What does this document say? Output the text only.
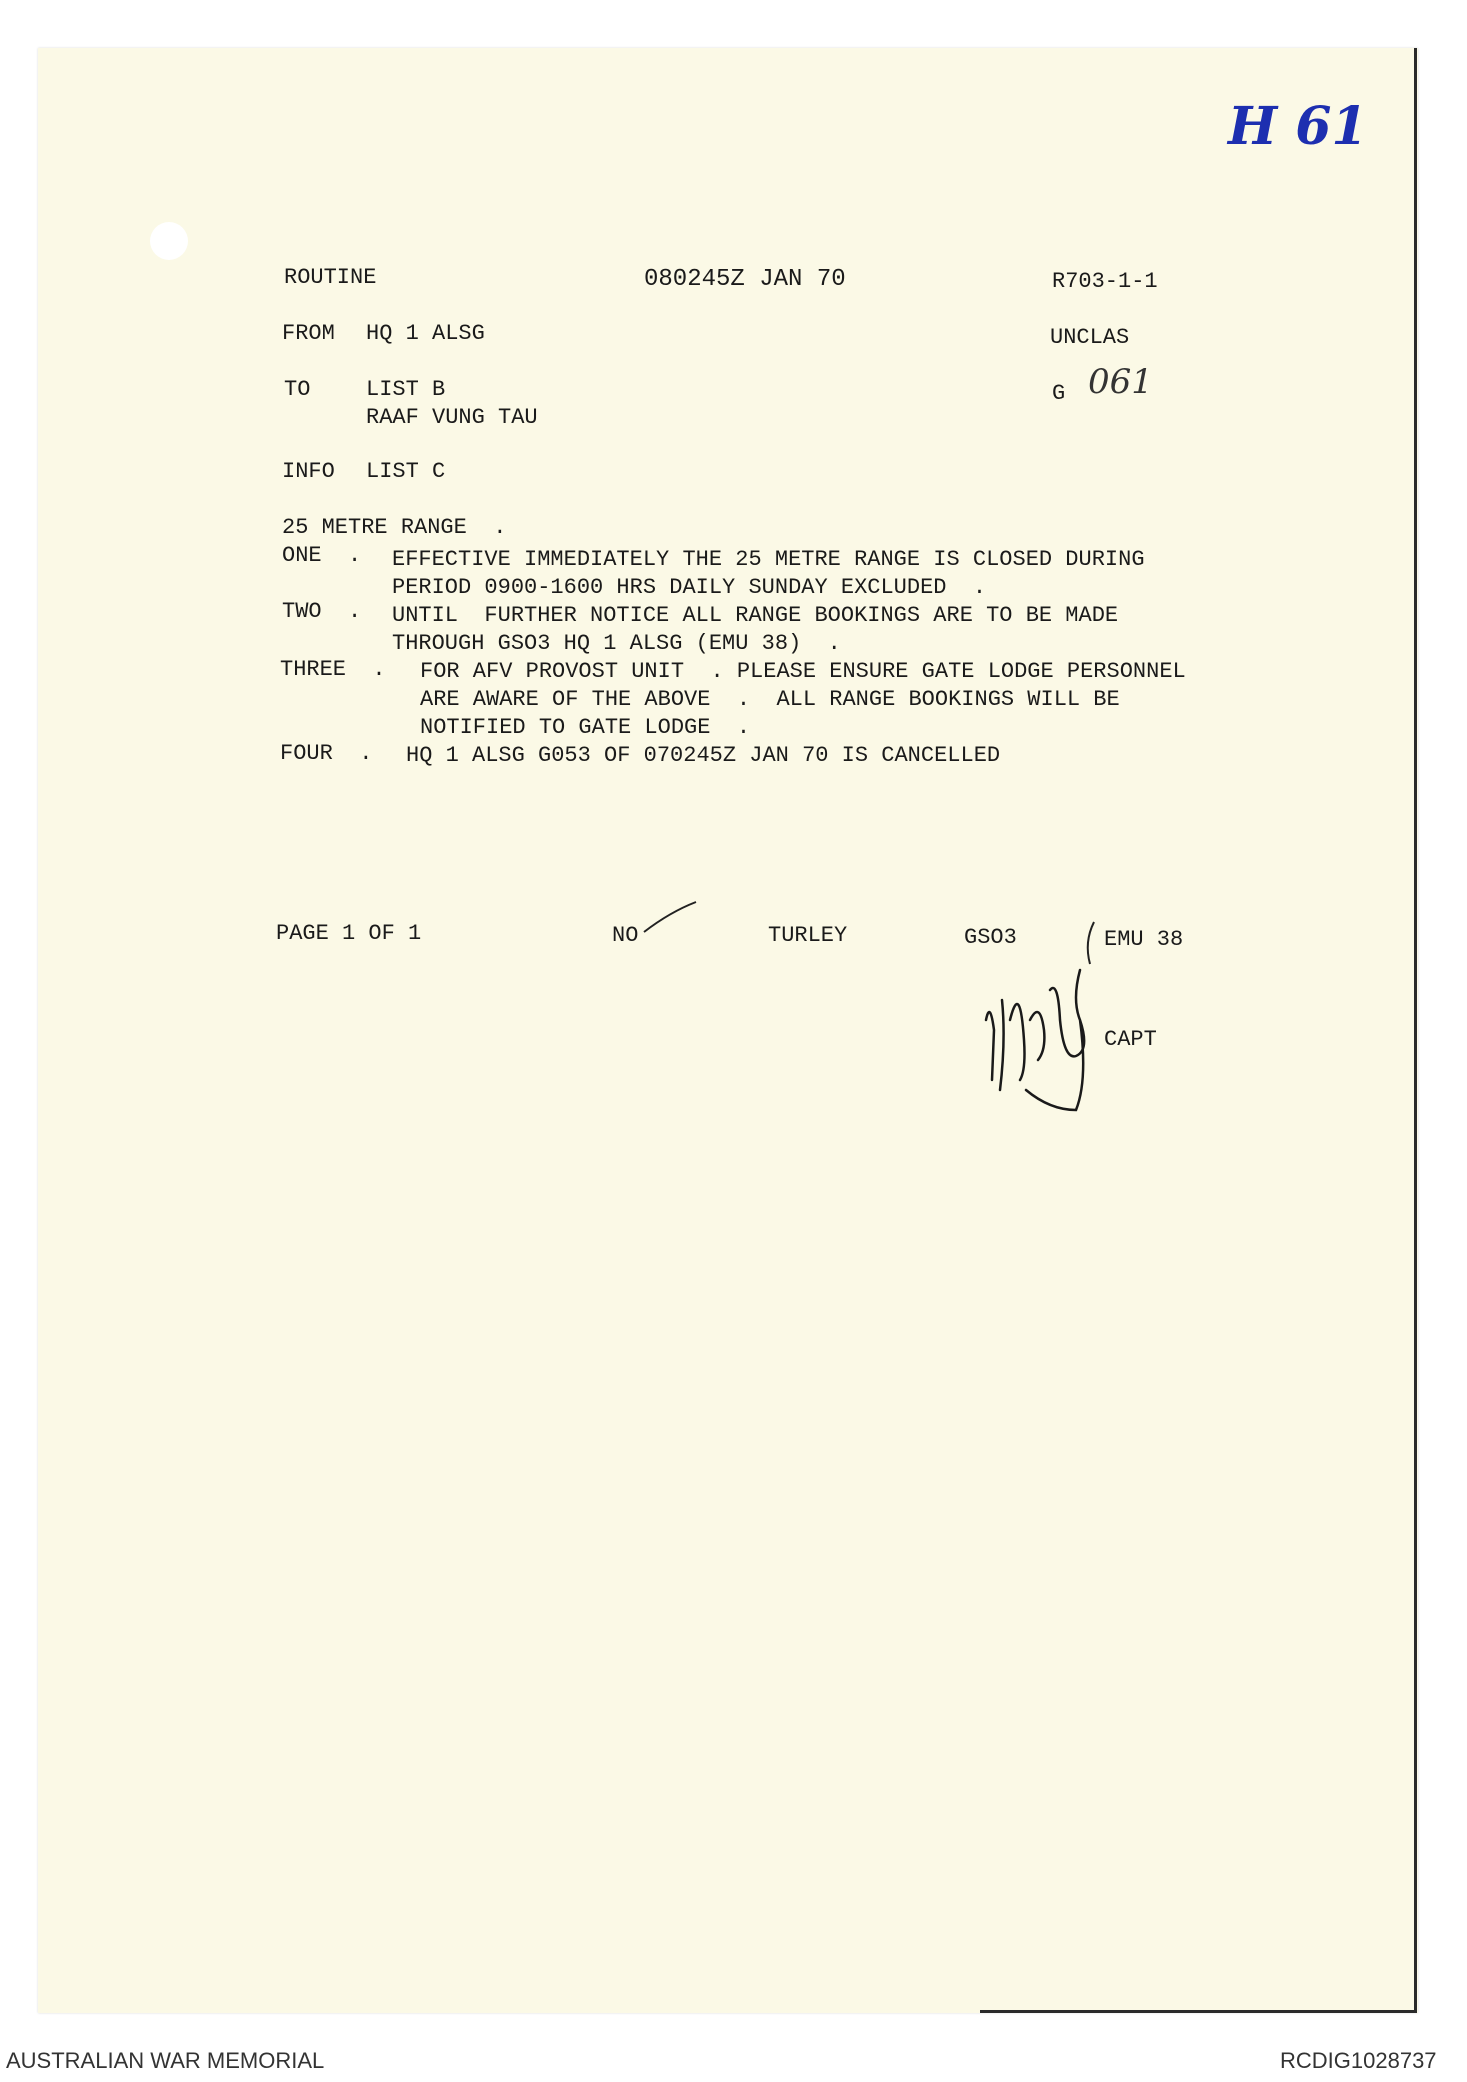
H 61
061
ROUTINE	080245Z JAN 70	R703-1-1
FROM HQ 1 ALSG	UNCLAS
TO	LIST B	G
RAAF VUNG TAU
INFO LIST C
25 METRE RANGE  .
ONE  . EFFECTIVE IMMEDIATELY THE 25 METRE RANGE IS CLOSED DURING
PERIOD 0900-1600 HRS DAILY SUNDAY EXCLUDED  .
TWO  . UNTIL  FURTHER NOTICE ALL RANGE BOOKINGS ARE TO BE MADE
THROUGH GSO3 HQ 1 ALSG (EMU 38)  .
THREE  . FOR AFV PROVOST UNIT  . PLEASE ENSURE GATE LODGE PERSONNEL
ARE AWARE OF THE ABOVE  .  ALL RANGE BOOKINGS WILL BE
NOTIFIED TO GATE LODGE  .
FOUR  . HQ 1 ALSG G053 OF 070245Z JAN 70 IS CANCELLED
PAGE 1 OF 1	NO	TURLEY	GSO3	EMU 38
CAPT
AUSTRALIAN WAR MEMORIAL	RCDIG1028737
